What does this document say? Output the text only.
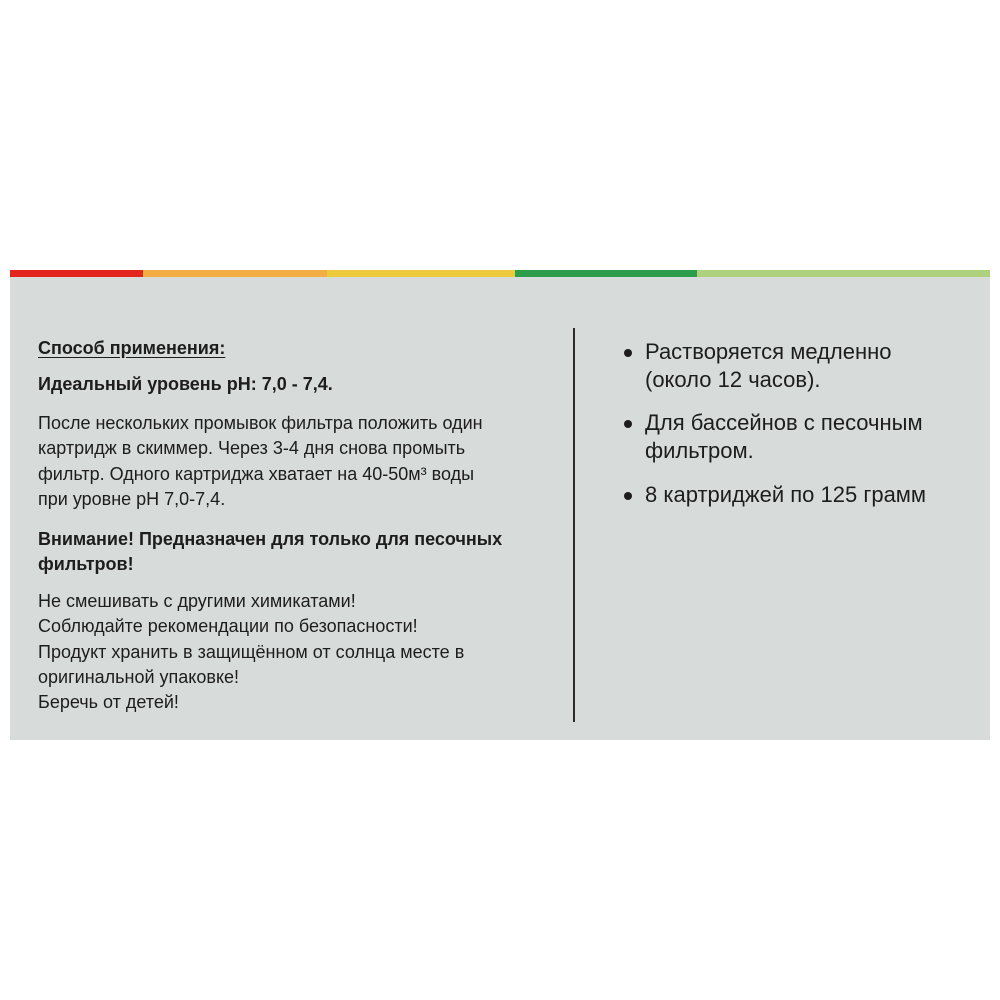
Способ применения:
Идеальный уровень рН: 7,0 - 7,4.
После нескольких промывок фильтра положить один
картридж в скиммер. Через 3-4 дня снова промыть
фильтр. Одного картриджа хватает на 40-50м³ воды
при уровне рН 7,0-7,4.
Внимание! Предназначен для только для песочных
фильтров!
Не смешивать с другими химикатами!
Соблюдайте рекомендации по безопасности!
Продукт хранить в защищённом от солнца месте в
оригинальной упаковке!
Беречь от детей!
Растворяется медленно
(около 12 часов).
Для бассейнов с песочным
фильтром.
8 картриджей по 125 грамм
